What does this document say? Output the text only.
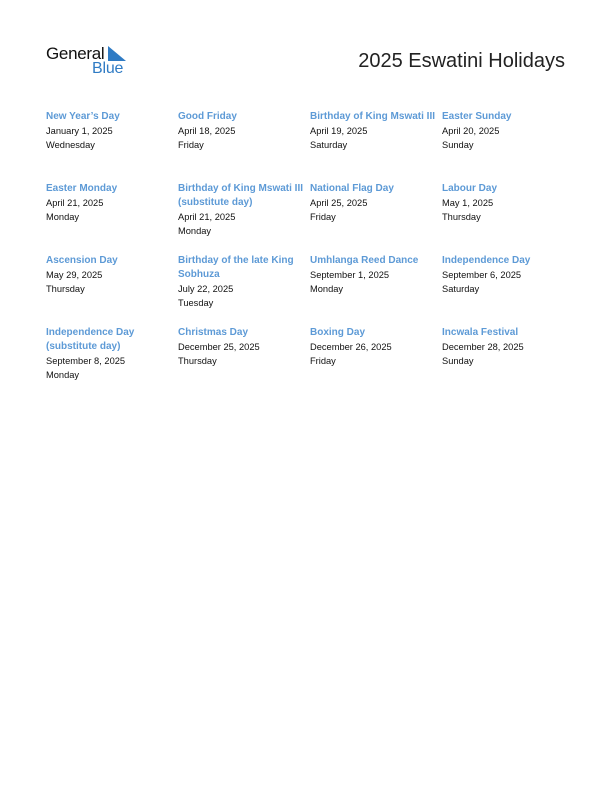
General
Blue	2025 Eswatini Holidays
New Year’s Day
January 1, 2025
Wednesday
Good Friday
April 18, 2025
Friday
Birthday of King Mswati III
April 19, 2025
Saturday
Easter Sunday
April 20, 2025
Sunday
Easter Monday
April 21, 2025
Monday
Birthday of King Mswati III (substitute day)
April 21, 2025
Monday
National Flag Day
April 25, 2025
Friday
Labour Day
May 1, 2025
Thursday
Ascension Day
May 29, 2025
Thursday
Birthday of the late King Sobhuza
July 22, 2025
Tuesday
Umhlanga Reed Dance
September 1, 2025
Monday
Independence Day
September 6, 2025
Saturday
Independence Day (substitute day)
September 8, 2025
Monday
Christmas Day
December 25, 2025
Thursday
Boxing Day
December 26, 2025
Friday
Incwala Festival
December 28, 2025
Sunday
